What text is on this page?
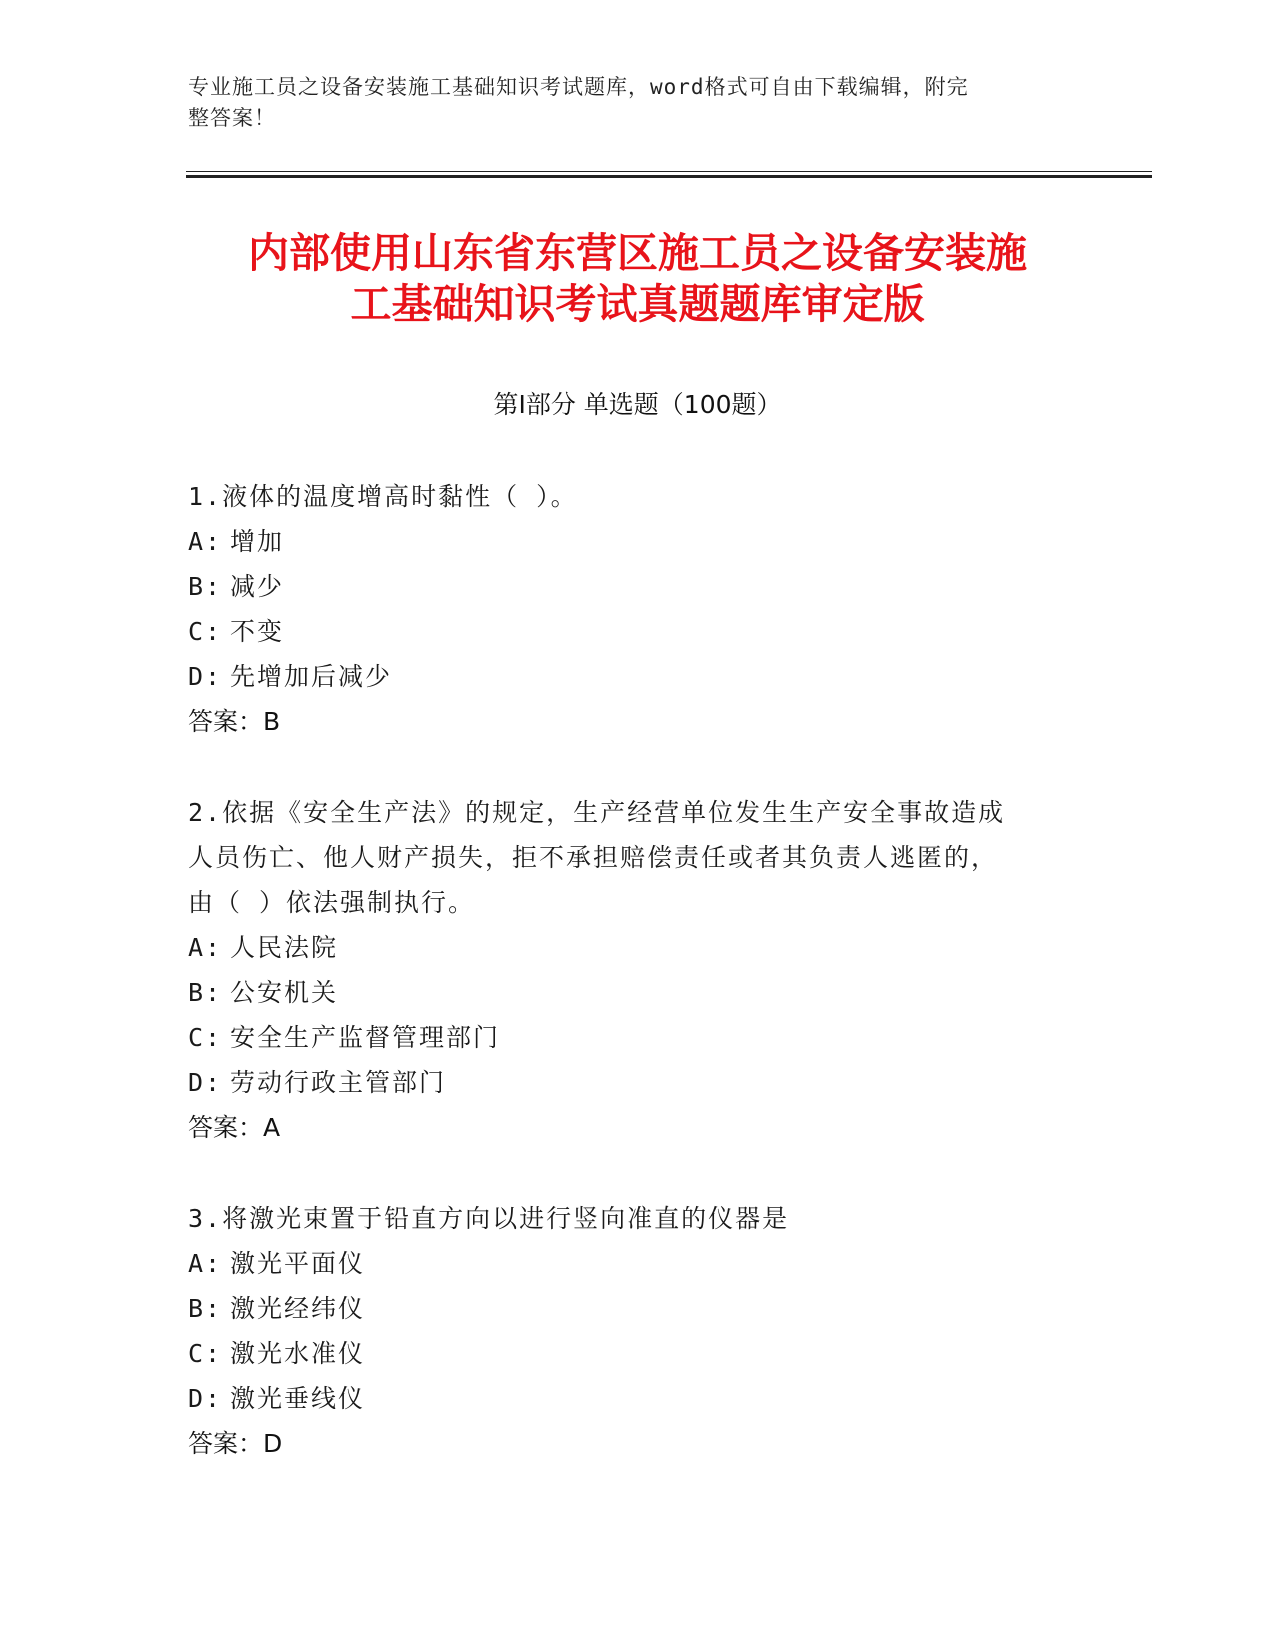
专业施工员之设备安装施工基础知识考试题库，word格式可自由下载编辑，附完
整答案！
内部使用山东省东营区施工员之设备安装施
工基础知识考试真题题库审定版
第Ⅰ部分 单选题（100题）
1.液体的温度增高时黏性（ ）。
A: 增加
B: 减少
C: 不变
D: 先增加后减少
答案：B
2.依据《安全生产法》的规定，生产经营单位发生生产安全事故造成
人员伤亡、他人财产损失，拒不承担赔偿责任或者其负责人逃匿的，
由（ ）依法强制执行。
A: 人民法院
B: 公安机关
C: 安全生产监督管理部门
D: 劳动行政主管部门
答案：A
3.将激光束置于铅直方向以进行竖向准直的仪器是
A: 激光平面仪
B: 激光经纬仪
C: 激光水准仪
D: 激光垂线仪
答案：D
